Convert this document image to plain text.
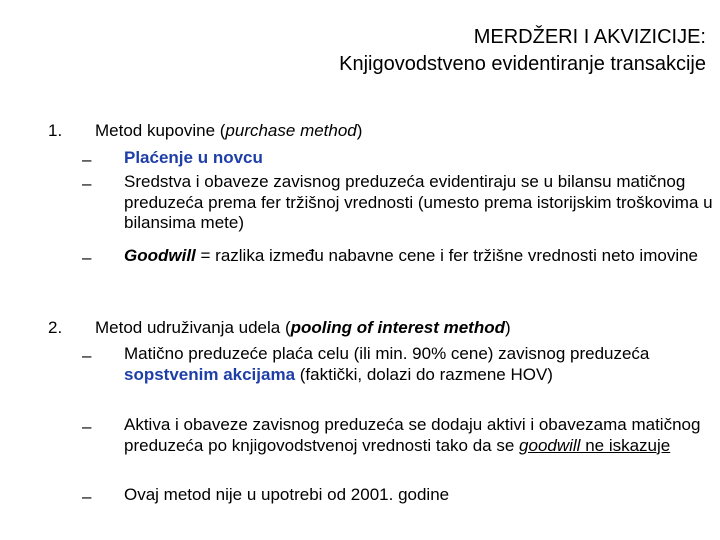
MERDŽERI I AKVIZICIJE:
Knjigovodstveno evidentiranje transakcije
1. Metod kupovine (purchase method)
– Plaćenje u novcu
– Sredstva i obaveze zavisnog preduzeća evidentiraju se u bilansu matičnog preduzeća prema fer tržišnoj vrednosti (umesto prema istorijskim troškovima u bilansima mete)
– Goodwill = razlika između nabavne cene i fer tržišne vrednosti neto imovine
2. Metod udruživanja udela (pooling of interest method)
– Matično preduzeće plaća celu (ili min. 90% cene) zavisnog preduzeća sopstvenim akcijama (faktički, dolazi do razmene HOV)
– Aktiva i obaveze zavisnog preduzeća se dodaju aktivi i obavezama matičnog preduzeća po knjigovodstvenoj vrednosti tako da se goodwill ne iskazuje
– Ovaj metod nije u upotrebi od 2001. godine
